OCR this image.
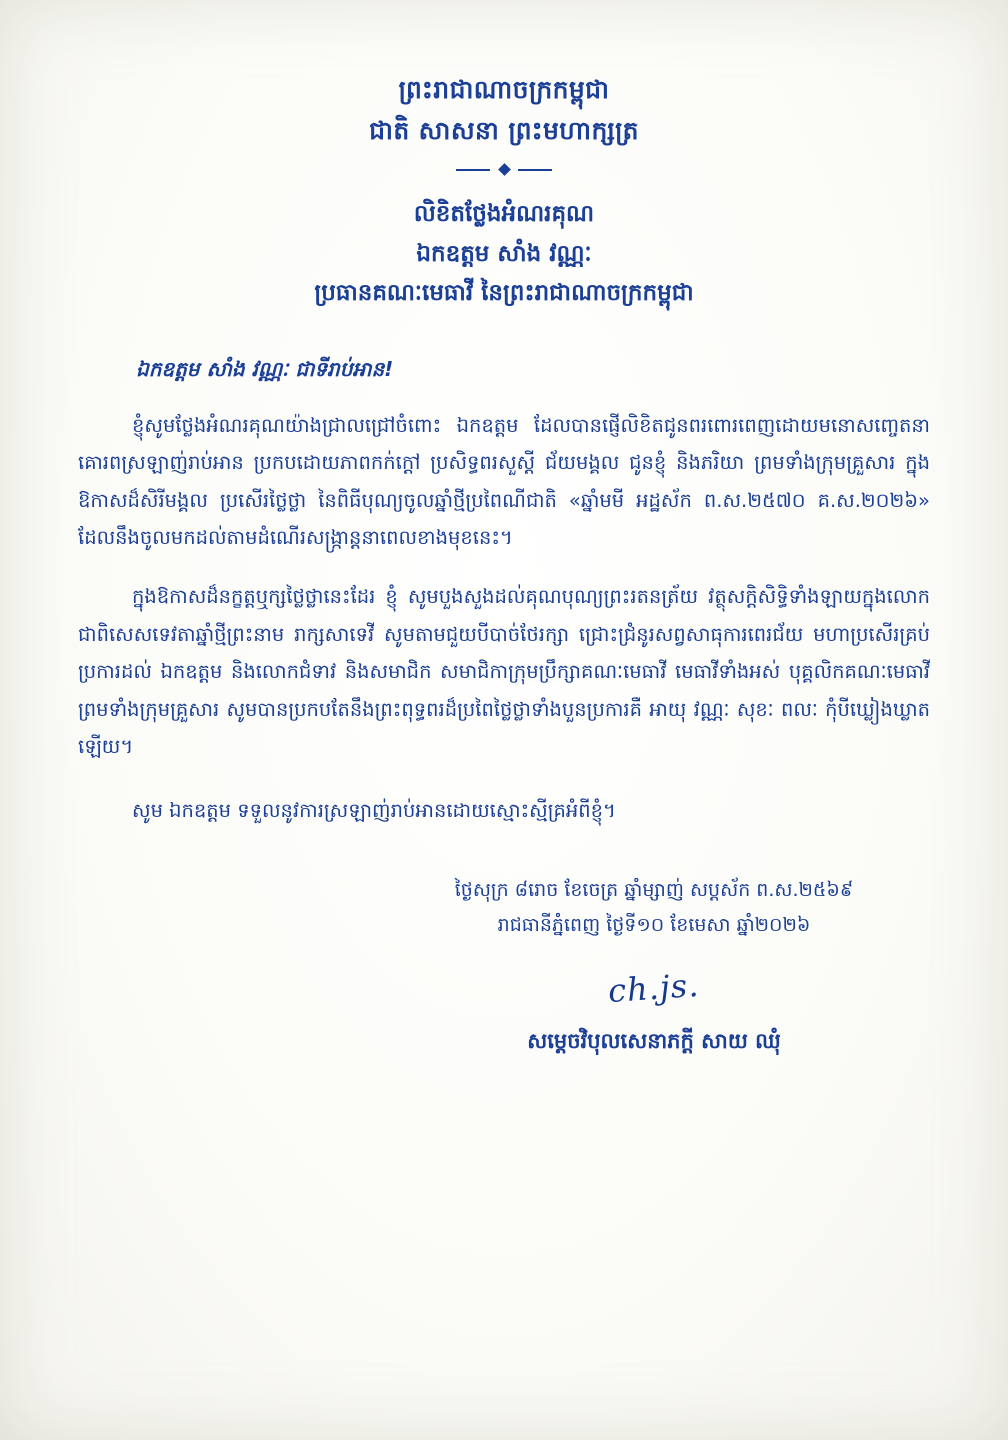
ព្រះរាជាណាចក្រកម្ពុជា
ជាតិ សាសនា ព្រះមហាក្សត្រ
លិខិតថ្លែងអំណរគុណ
ឯកឧត្តម សាំង វណ្ណៈ
ប្រធានគណៈមេធាវី នៃព្រះរាជាណាចក្រកម្ពុជា
ឯកឧត្តម សាំង វណ្ណៈ ជាទីរាប់អាន!
ខ្ញុំសូមថ្លែងអំណរគុណយ៉ាងជ្រាលជ្រៅចំពោះ ឯកឧត្តម ដែលបានផ្ញើលិខិតជូនពរពោរពេញដោយមនោសញ្ចេតនាគោរពស្រឡាញ់រាប់អាន ប្រកបដោយភាពកក់ក្ដៅ ប្រសិទ្ធពរសួស្ដី ជ័យមង្គល ជូនខ្ញុំ និងភរិយា ព្រមទាំងក្រុមគ្រួសារ ក្នុងឱកាសដ៏សិរីមង្គល ប្រសើរថ្លៃថ្លា នៃពិធីបុណ្យចូលឆ្នាំថ្មីប្រពៃណីជាតិ «ឆ្នាំមមី អដ្ឋស័ក ព.ស.២៥៧០ គ.ស.២០២៦» ដែលនឹងចូលមកដល់តាមដំណើរសង្រ្កាន្តនាពេលខាងមុខនេះ។
ក្នុងឱកាសដ៏នក្ខត្តឬក្សថ្លៃថ្លានេះដែរ ខ្ញុំ សូមបួងសួងដល់គុណបុណ្យព្រះរតនត្រ័យ វត្ថុសក្តិសិទ្ធិទាំងឡាយក្នុងលោកជាពិសេសទេវតាឆ្នាំថ្មីព្រះនាម រាក្សសាទេវី សូមតាមជួយបីបាច់ថែរក្សា ជ្រោះជ្រំនូរសព្វសាធុការពេរជ័យ មហាប្រសើរគ្រប់ប្រការដល់ ឯកឧត្តម និងលោកជំទាវ និងសមាជិក សមាជិកាក្រុមប្រឹក្សាគណៈមេធាវី មេធាវីទាំងអស់ បុគ្គលិកគណៈមេធាវី ព្រមទាំងក្រុមគ្រួសារ សូមបានប្រកបតែនឹងព្រះពុទ្ធពរដ៏ប្រពៃថ្លៃថ្លាទាំងបួនប្រការគឺ អាយុ វណ្ណៈ សុខៈ ពលៈ កុំបីឃ្លៀងឃ្លាតឡើយ។
សូម ឯកឧត្តម ទទួលនូវការស្រឡាញ់រាប់អានដោយស្មោះស្មីគ្រអំពីខ្ញុំ។
ថ្ងៃសុក្រ ៨រោច ខែចេត្រ ឆ្នាំម្សាញ់ សប្តស័ក ព.ស.២៥៦៩
រាជធានីភ្នំពេញ ថ្ងៃទី១០ ខែមេសា ឆ្នាំ២០២៦
ch.js.
សម្តេចវិបុលសេនាភក្តី សាយ ឈុំ
